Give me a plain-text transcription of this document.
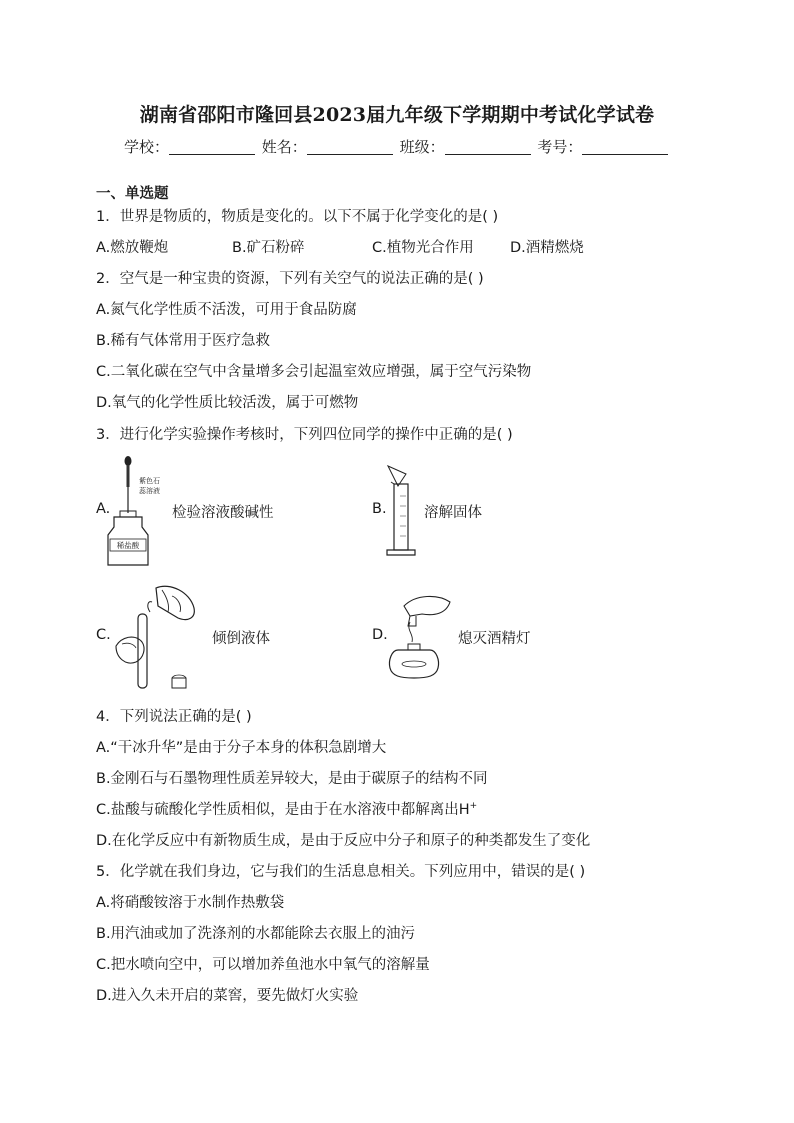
湖南省邵阳市隆回县2023届九年级下学期期中考试化学试卷
学校：	姓名：	班级：	考号：
一、单选题
1．世界是物质的，物质是变化的。以下不属于化学变化的是( )
A.燃放鞭炮	B.矿石粉碎	C.植物光合作用	D.酒精燃烧
2．空气是一种宝贵的资源，下列有关空气的说法正确的是( )
A.氮气化学性质不活泼，可用于食品防腐
B.稀有气体常用于医疗急救
C.二氧化碳在空气中含量增多会引起温室效应增强，属于空气污染物
D.氧气的化学性质比较活泼，属于可燃物
3．进行化学实验操作考核时，下列四位同学的操作中正确的是( )
A.
稀盐酸
紫色石
蕊溶液
检验溶液酸碱性	B.	溶解固体
C.	倾倒液体	D.	熄灭酒精灯
4．下列说法正确的是( )
A.“干冰升华”是由于分子本身的体积急剧增大
B.金刚石与石墨物理性质差异较大，是由于碳原子的结构不同
C.盐酸与硫酸化学性质相似，是由于在水溶液中都解离出H+
D.在化学反应中有新物质生成，是由于反应中分子和原子的种类都发生了变化
5．化学就在我们身边，它与我们的生活息息相关。下列应用中，错误的是( )
A.将硝酸铵溶于水制作热敷袋
B.用汽油或加了洗涤剂的水都能除去衣服上的油污
C.把水喷向空中，可以增加养鱼池水中氧气的溶解量
D.进入久未开启的菜窖，要先做灯火实验
